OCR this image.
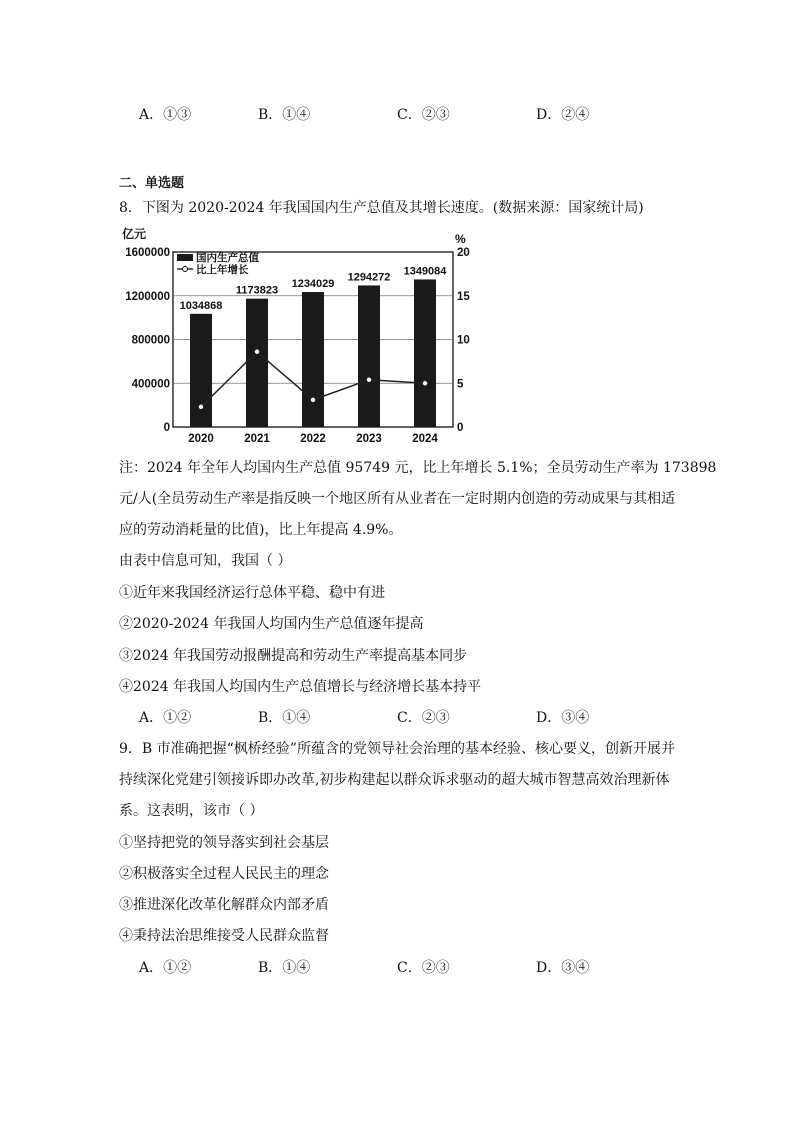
A．①③	B．①④	C．②③	D．②④
二、单选题
8．下图为 2020-2024 年我国国内生产总值及其增长速度。(数据来源：国家统计局)
0
400000
800000
1200000
1600000
0
5
10
15
20
亿元	%
1034868
2020
1173823
2021
1234029
2022
1294272
2023
1349084
2024
国内生产总值
比上年增长
注：2024 年全年人均国内生产总值 95749 元，比上年增长 5.1%；全员劳动生产率为 173898
元/人(全员劳动生产率是指反映一个地区所有从业者在一定时期内创造的劳动成果与其相适
应的劳动消耗量的比值)，比上年提高 4.9%。
由表中信息可知，我国（ ）
①近年来我国经济运行总体平稳、稳中有进
②2020-2024 年我国人均国内生产总值逐年提高
③2024 年我国劳动报酬提高和劳动生产率提高基本同步
④2024 年我国人均国内生产总值增长与经济增长基本持平
A．①②	B．①④	C．②③	D．③④
9．B 市准确把握“枫桥经验”所蕴含的党领导社会治理的基本经验、核心要义，创新开展并
持续深化党建引领接诉即办改革,初步构建起以群众诉求驱动的超大城市智慧高效治理新体
系。这表明，该市（ ）
①坚持把党的领导落实到社会基层
②积极落实全过程人民民主的理念
③推进深化改革化解群众内部矛盾
④秉持法治思维接受人民群众监督
A．①②	B．①④	C．②③	D．③④
